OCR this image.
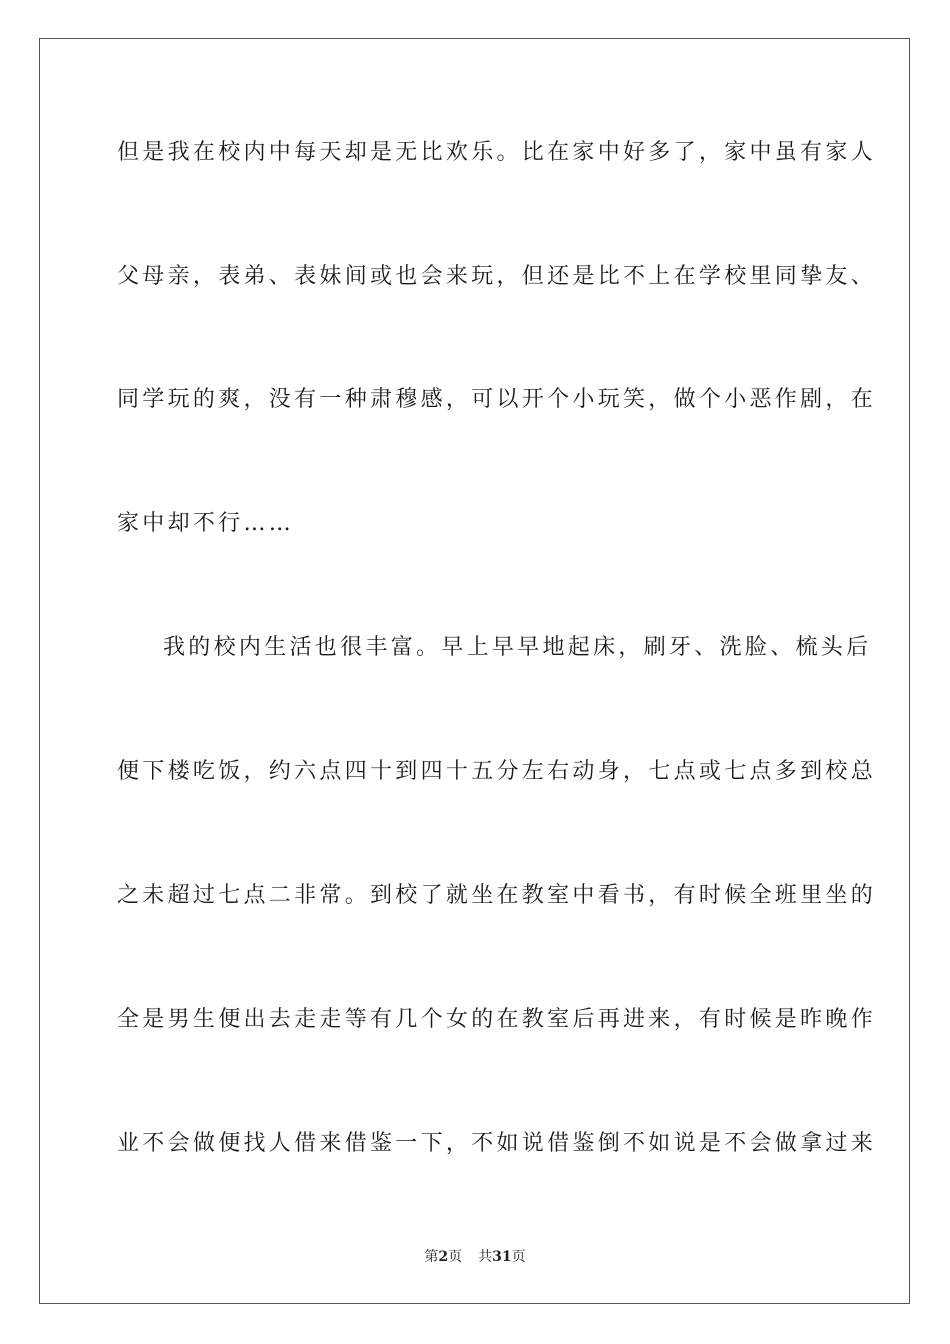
但是我在校内中每天却是无比欢乐。比在家中好多了，家中虽有家人
父母亲，表弟、表妹间或也会来玩，但还是比不上在学校里同挚友、
同学玩的爽，没有一种肃穆感，可以开个小玩笑，做个小恶作剧，在
家中却不行……
我的校内生活也很丰富。早上早早地起床，刷牙、洗脸、梳头后
便下楼吃饭，约六点四十到四十五分左右动身，七点或七点多到校总
之未超过七点二非常。到校了就坐在教室中看书，有时候全班里坐的
全是男生便出去走走等有几个女的在教室后再进来，有时候是昨晚作
业不会做便找人借来借鉴一下，不如说借鉴倒不如说是不会做拿过来
第2页 共31页
